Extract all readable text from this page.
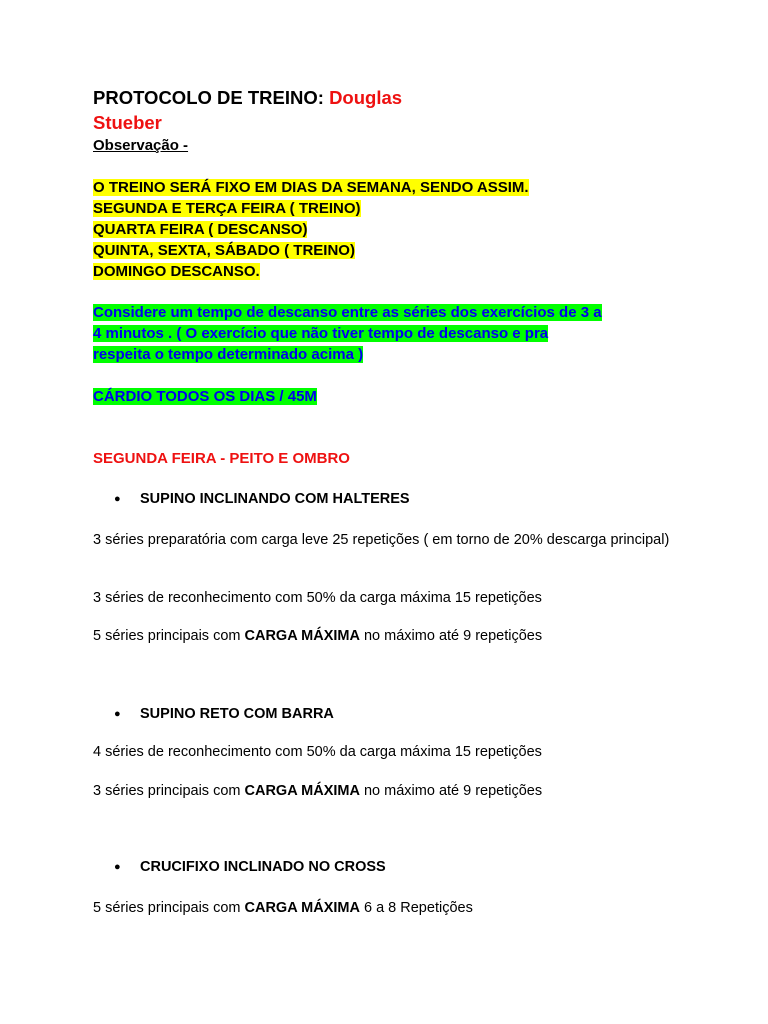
PROTOCOLO DE TREINO: Douglas
Stueber
Observação -
O TREINO SERÁ FIXO EM DIAS DA SEMANA, SENDO ASSIM.
SEGUNDA E TERÇA FEIRA ( TREINO)
QUARTA FEIRA ( DESCANSO)
QUINTA, SEXTA, SÁBADO ( TREINO)
DOMINGO DESCANSO.
Considere um tempo de descanso entre as séries dos exercícios de 3 a
4 minutos . ( O exercício que não tiver tempo de descanso e pra
respeita o tempo determinado acima )
CÁRDIO TODOS OS DIAS / 45M
SEGUNDA FEIRA - PEITO E OMBRO
● SUPINO INCLINANDO COM HALTERES
3 séries preparatória com carga leve 25 repetições ( em torno de 20% descarga principal)
3 séries de reconhecimento com 50% da carga máxima 15 repetições
5 séries principais com CARGA MÁXIMA no máximo até 9 repetições
● SUPINO RETO COM BARRA
4 séries de reconhecimento com 50% da carga máxima 15 repetições
3 séries principais com CARGA MÁXIMA no máximo até 9 repetições
● CRUCIFIXO INCLINADO NO CROSS
5 séries principais com CARGA MÁXIMA 6 a 8 Repetições
